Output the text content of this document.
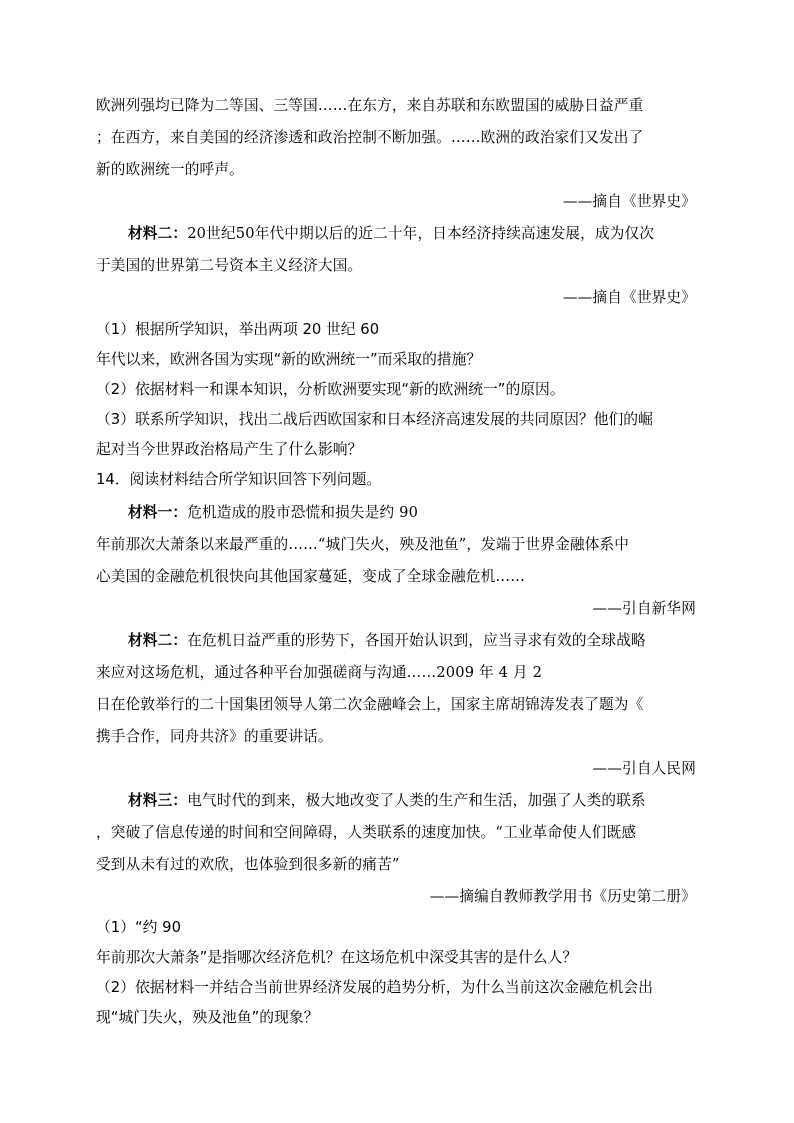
欧洲列强均已降为二等国、三等国……在东方，来自苏联和东欧盟国的威胁日益严重
；在西方，来自美国的经济渗透和政治控制不断加强。……欧洲的政治家们又发出了
新的欧洲统一的呼声。
——摘自《世界史》
材料二：20世纪50年代中期以后的近二十年，日本经济持续高速发展，成为仅次
于美国的世界第二号资本主义经济大国。
——摘自《世界史》
（1）根据所学知识，举出两项 20 世纪 60
年代以来，欧洲各国为实现“新的欧洲统一”而采取的措施？
（2）依据材料一和课本知识，分析欧洲要实现“新的欧洲统一”的原因。
（3）联系所学知识，找出二战后西欧国家和日本经济高速发展的共同原因？他们的崛
起对当今世界政治格局产生了什么影响？
14．阅读材料结合所学知识回答下列问题。
材料一：危机造成的股市恐慌和损失是约 90
年前那次大萧条以来最严重的……“城门失火，殃及池鱼”，发端于世界金融体系中
心美国的金融危机很快向其他国家蔓延，变成了全球金融危机……
——引自新华网
材料二：在危机日益严重的形势下，各国开始认识到，应当寻求有效的全球战略
来应对这场危机，通过各种平台加强磋商与沟通……2009 年 4 月 2
日在伦敦举行的二十国集团领导人第二次金融峰会上，国家主席胡锦涛发表了题为《
携手合作，同舟共济》的重要讲话。
——引自人民网
材料三：电气时代的到来，极大地改变了人类的生产和生活，加强了人类的联系
，突破了信息传递的时间和空间障碍，人类联系的速度加快。“工业革命使人们既感
受到从未有过的欢欣，也体验到很多新的痛苦”
——摘编自教师教学用书《历史第二册》
（1）“约 90
年前那次大萧条”是指哪次经济危机？在这场危机中深受其害的是什么人？
（2）依据材料一并结合当前世界经济发展的趋势分析，为什么当前这次金融危机会出
现“城门失火，殃及池鱼”的现象？
